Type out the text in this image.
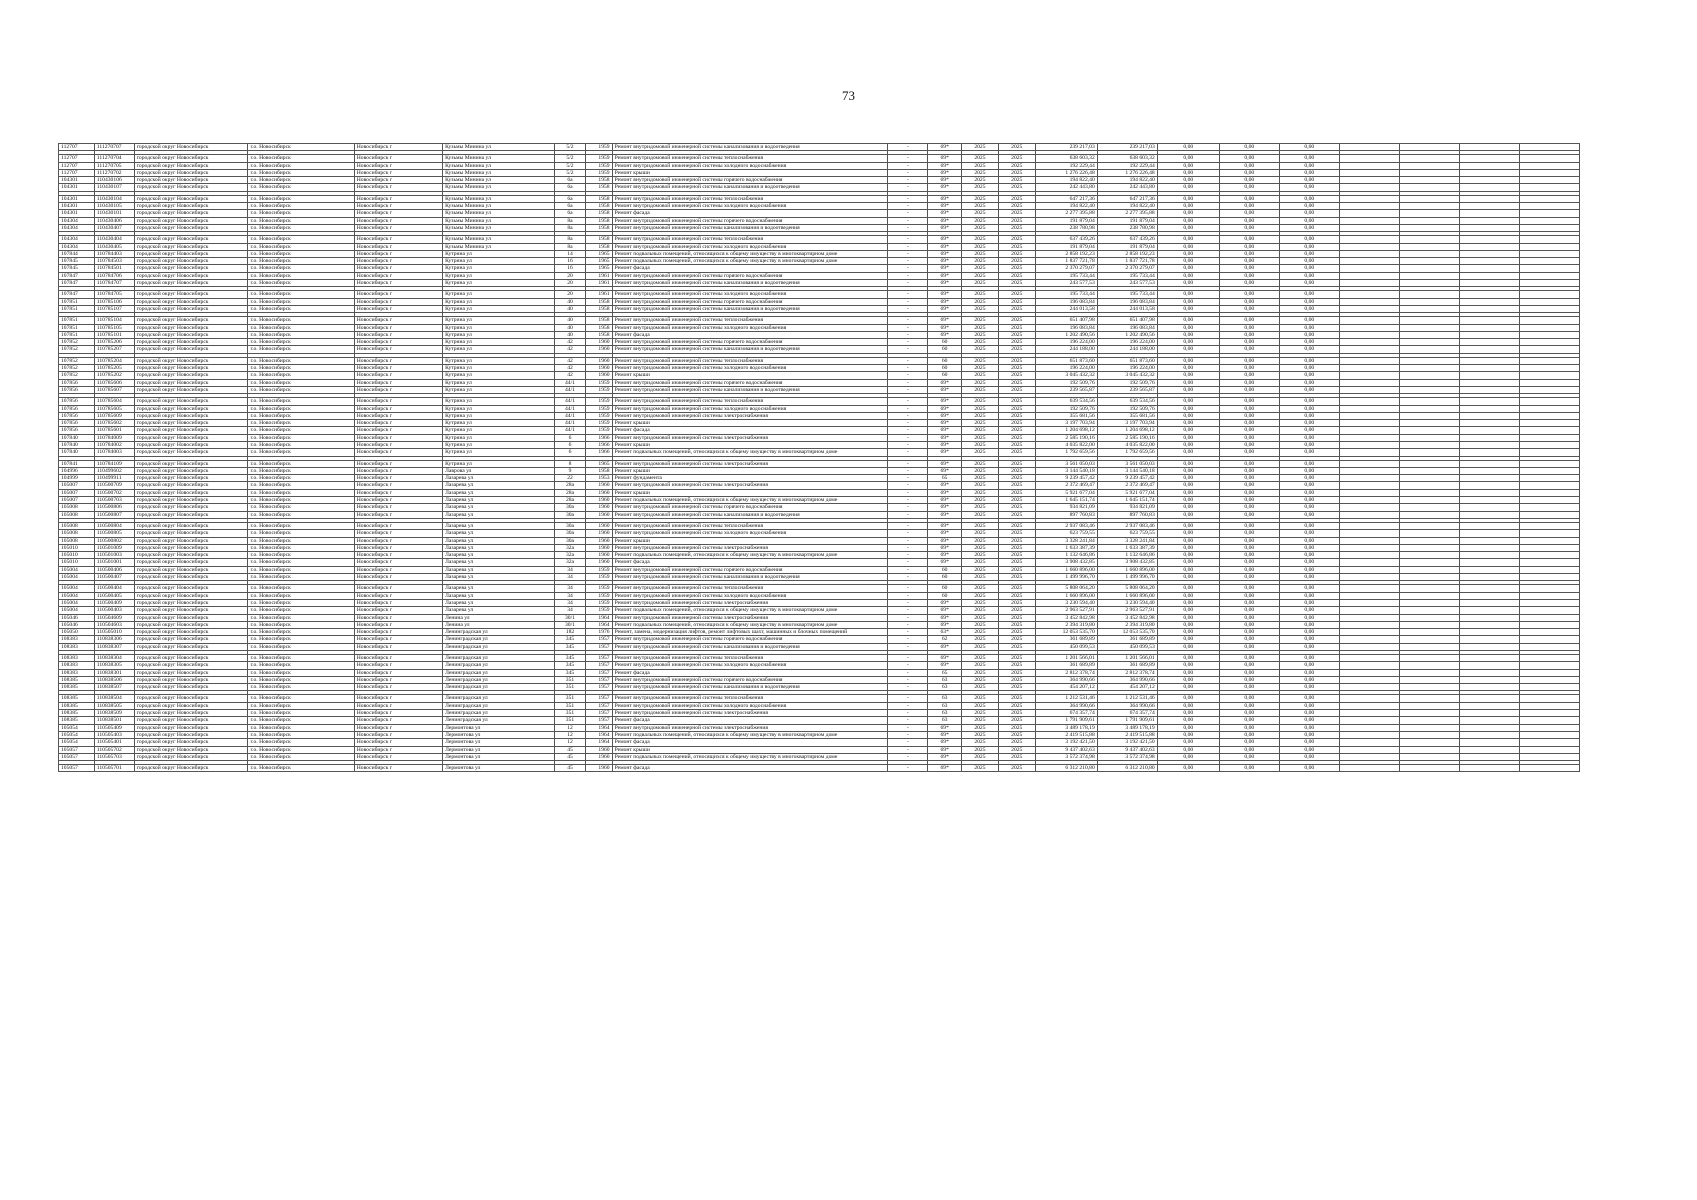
73
112707	111270707	городской округ Новосибирск	г.о. Новосибирск	Новосибирск г	Кузьмы Минина ул	5/2	1959	Ремонт внутридомовой инженерной системы канализования и водоотведения	-	69*	2025	2025	239 217,03	239 217,03	0,00	0,00	0,00				

112707	111270704	городской округ Новосибирск	г.о. Новосибирск	Новосибирск г	Кузьмы Минина ул	5/2	1959	Ремонт внутридомовой инженерной системы теплоснабжения	-	69*	2025	2025	638 603,32	638 603,32	0,00	0,00	0,00				
112707	111270705	городской округ Новосибирск	г.о. Новосибирск	Новосибирск г	Кузьмы Минина ул	5/2	1959	Ремонт внутридомовой инженерной системы холодного водоснабжения	-	69*	2025	2025	192 229,44	192 229,44	0,00	0,00	0,00				
112707	111270702	городской округ Новосибирск	г.о. Новосибирск	Новосибирск г	Кузьмы Минина ул	5/2	1959	Ремонт крыши	-	69*	2025	2025	1 276 226,48	1 276 226,48	0,00	0,00	0,00				
104301	110430106	городской округ Новосибирск	г.о. Новосибирск	Новосибирск г	Кузьмы Минина ул	6а	1958	Ремонт внутридомовой инженерной системы горячего водоснабжения	-	69*	2025	2025	194 822,40	194 822,40	0,00	0,00	0,00				
104301	110430107	городской округ Новосибирск	г.о. Новосибирск	Новосибирск г	Кузьмы Минина ул	6а	1958	Ремонт внутридомовой инженерной системы канализования и водоотведения	-	69*	2025	2025	242 443,80	242 443,80	0,00	0,00	0,00				

104301	110430104	городской округ Новосибирск	г.о. Новосибирск	Новосибирск г	Кузьмы Минина ул	6а	1958	Ремонт внутридомовой инженерной системы теплоснабжения	-	69*	2025	2025	647 217,36	647 217,36	0,00	0,00	0,00				
104301	110430105	городской округ Новосибирск	г.о. Новосибирск	Новосибирск г	Кузьмы Минина ул	6а	1958	Ремонт внутридомовой инженерной системы холодного водоснабжения	-	69*	2025	2025	194 822,40	194 822,40	0,00	0,00	0,00				
104301	110430101	городской округ Новосибирск	г.о. Новосибирск	Новосибирск г	Кузьмы Минина ул	6а	1958	Ремонт фасада	-	69*	2025	2025	2 277 395,88	2 277 395,88	0,00	0,00	0,00				
104304	110430406	городской округ Новосибирск	г.о. Новосибирск	Новосибирск г	Кузьмы Минина ул	8а	1958	Ремонт внутридомовой инженерной системы горячего водоснабжения	-	69*	2025	2025	191 879,04	191 879,04	0,00	0,00	0,00				
104304	110430407	городской округ Новосибирск	г.о. Новосибирск	Новосибирск г	Кузьмы Минина ул	8а	1958	Ремонт внутридомовой инженерной системы канализования и водоотведения	-	69*	2025	2025	238 780,98	238 780,98	0,00	0,00	0,00				

104304	110430404	городской округ Новосибирск	г.о. Новосибирск	Новосибирск г	Кузьмы Минина ул	8а	1958	Ремонт внутридомовой инженерной системы теплоснабжения	-	69*	2025	2025	637 439,26	637 439,26	0,00	0,00	0,00				
104304	110430405	городской округ Новосибирск	г.о. Новосибирск	Новосибирск г	Кузьмы Минина ул	8а	1958	Ремонт внутридомовой инженерной системы холодного водоснабжения	-	69*	2025	2025	191 879,04	191 879,04	0,00	0,00	0,00				
107844	110784403	городской округ Новосибирск	г.о. Новосибирск	Новосибирск г	Кутрина ул	14	1965	Ремонт подвальных помещений, относящихся к общему имуществу в многоквартирном доме	-	69*	2025	2025	2 858 192,23	2 858 192,23	0,00	0,00	0,00				
107845	110784503	городской округ Новосибирск	г.о. Новосибирск	Новосибирск г	Кутрина ул	16	1965	Ремонт подвальных помещений, относящихся к общему имуществу в многоквартирном доме	-	69*	2025	2025	1 837 721,78	1 837 721,78	0,00	0,00	0,00				
107845	110784501	городской округ Новосибирск	г.о. Новосибирск	Новосибирск г	Кутрина ул	16	1965	Ремонт фасада	-	69*	2025	2025	2 370 279,07	2 370 279,07	0,00	0,00	0,00				
107847	110784706	городской округ Новосибирск	г.о. Новосибирск	Новосибирск г	Кутрина ул	20	1961	Ремонт внутридомовой инженерной системы горячего водоснабжения	-	69*	2025	2025	195 733,44	195 733,44	0,00	0,00	0,00				
107847	110784707	городской округ Новосибирск	г.о. Новосибирск	Новосибирск г	Кутрина ул	20	1961	Ремонт внутридомовой инженерной системы канализования и водоотведения	-	69*	2025	2025	243 577,53	243 577,53	0,00	0,00	0,00				

107847	110784705	городской округ Новосибирск	г.о. Новосибирск	Новосибирск г	Кутрина ул	20	1961	Ремонт внутридомовой инженерной системы холодного водоснабжения	-	69*	2025	2025	195 733,44	195 733,44	0,00	0,00	0,00				
107851	110785106	городской округ Новосибирск	г.о. Новосибирск	Новосибирск г	Кутрина ул	40	1958	Ремонт внутридомовой инженерной системы горячего водоснабжения	-	69*	2025	2025	196 083,84	196 083,84	0,00	0,00	0,00				
107851	110785107	городской округ Новосибирск	г.о. Новосибирск	Новосибирск г	Кутрина ул	40	1958	Ремонт внутридомовой инженерной системы канализования и водоотведения	-	69*	2025	2025	244 013,58	244 013,58	0,00	0,00	0,00				

107851	110785104	городской округ Новосибирск	г.о. Новосибирск	Новосибирск г	Кутрина ул	40	1958	Ремонт внутридомовой инженерной системы теплоснабжения	-	69*	2025	2025	651 407,98	651 407,98	0,00	0,00	0,00				
107851	110785105	городской округ Новосибирск	г.о. Новосибирск	Новосибирск г	Кутрина ул	40	1958	Ремонт внутридомовой инженерной системы холодного водоснабжения	-	69*	2025	2025	196 083,84	196 083,84	0,00	0,00	0,00				
107851	110785101	городской округ Новосибирск	г.о. Новосибирск	Новосибирск г	Кутрина ул	40	1958	Ремонт фасада	-	69*	2025	2025	1 202 490,56	1 202 490,56	0,00	0,00	0,00				
107852	110785206	городской округ Новосибирск	г.о. Новосибирск	Новосибирск г	Кутрина ул	42	1960	Ремонт внутридомовой инженерной системы горячего водоснабжения	-	60	2025	2025	196 224,00	196 224,00	0,00	0,00	0,00				
107852	110785207	городской округ Новосибирск	г.о. Новосибирск	Новосибирск г	Кутрина ул	42	1960	Ремонт внутридомовой инженерной системы канализования и водоотведения	-	60	2025	2025	244 188,00	244 188,00	0,00	0,00	0,00				

107852	110785204	городской округ Новосибирск	г.о. Новосибирск	Новосибирск г	Кутрина ул	42	1960	Ремонт внутридомовой инженерной системы теплоснабжения	-	60	2025	2025	651 873,60	651 873,60	0,00	0,00	0,00				
107852	110785205	городской округ Новосибирск	г.о. Новосибирск	Новосибирск г	Кутрина ул	42	1960	Ремонт внутридомовой инженерной системы холодного водоснабжения	-	60	2025	2025	196 224,00	196 224,00	0,00	0,00	0,00				
107852	110785202	городской округ Новосибирск	г.о. Новосибирск	Новосибирск г	Кутрина ул	42	1960	Ремонт крыши	-	60	2025	2025	3 045 432,32	3 045 432,32	0,00	0,00	0,00				
107856	110785606	городской округ Новосибирск	г.о. Новосибирск	Новосибирск г	Кутрина ул	44/1	1959	Ремонт внутридомовой инженерной системы горячего водоснабжения	-	69*	2025	2025	192 509,76	192 509,76	0,00	0,00	0,00				
107856	110785607	городской округ Новосибирск	г.о. Новосибирск	Новосибирск г	Кутрина ул	44/1	1959	Ремонт внутридомовой инженерной системы канализования и водоотведения	-	69*	2025	2025	239 565,87	239 565,87	0,00	0,00	0,00				

107856	110785604	городской округ Новосибирск	г.о. Новосибирск	Новосибирск г	Кутрина ул	44/1	1959	Ремонт внутридомовой инженерной системы теплоснабжения	-	69*	2025	2025	639 534,56	639 534,56	0,00	0,00	0,00				
107856	110785605	городской округ Новосибирск	г.о. Новосибирск	Новосибирск г	Кутрина ул	44/1	1959	Ремонт внутридомовой инженерной системы холодного водоснабжения	-	69*	2025	2025	192 509,76	192 509,76	0,00	0,00	0,00				
107856	110785609	городской округ Новосибирск	г.о. Новосибирск	Новосибирск г	Кутрина ул	44/1	1959	Ремонт внутридомовой инженерной системы электроснабжения	-	69*	2025	2025	355 681,56	355 681,56	0,00	0,00	0,00				
107856	110785602	городской округ Новосибирск	г.о. Новосибирск	Новосибирск г	Кутрина ул	44/1	1959	Ремонт крыши	-	69*	2025	2025	3 197 703,94	3 197 703,94	0,00	0,00	0,00				
107856	110785601	городской округ Новосибирск	г.о. Новосибирск	Новосибирск г	Кутрина ул	44/1	1959	Ремонт фасада	-	69*	2025	2025	1 204 698,12	1 204 698,12	0,00	0,00	0,00				
107840	110784009	городской округ Новосибирск	г.о. Новосибирск	Новосибирск г	Кутрина ул	6	1966	Ремонт внутридомовой инженерной системы электроснабжения	-	69*	2025	2025	2 585 190,16	2 585 190,16	0,00	0,00	0,00				
107840	110784002	городской округ Новосибирск	г.о. Новосибирск	Новосибирск г	Кутрина ул	6	1966	Ремонт крыши	-	69*	2025	2025	4 035 822,00	4 035 822,00	0,00	0,00	0,00				
107840	110784003	городской округ Новосибирск	г.о. Новосибирск	Новосибирск г	Кутрина ул	6	1966	Ремонт подвальных помещений, относящихся к общему имуществу в многоквартирном доме	-	69*	2025	2025	1 792 659,56	1 792 659,56	0,00	0,00	0,00				

107841	110784109	городской округ Новосибирск	г.о. Новосибирск	Новосибирск г	Кутрина ул	8	1965	Ремонт внутридомовой инженерной системы электроснабжения	-	69*	2025	2025	3 561 050,03	3 561 050,03	0,00	0,00	0,00				
104996	110499602	городской округ Новосибирск	г.о. Новосибирск	Новосибирск г	Лаврова ул	9	1958	Ремонт крыши	-	69*	2025	2025	3 144 540,18	3 144 540,18	0,00	0,00	0,00				
104999	110499911	городской округ Новосибирск	г.о. Новосибирск	Новосибирск г	Лазарева ул	22	1953	Ремонт фундамента	-	65	2025	2025	9 239 457,42	9 239 457,42	0,00	0,00	0,00				
105007	110500709	городской округ Новосибирск	г.о. Новосибирск	Новосибирск г	Лазарева ул	28а	1960	Ремонт внутридомовой инженерной системы электроснабжения	-	69*	2025	2025	2 372 469,47	2 372 469,47	0,00	0,00	0,00				
105007	110500702	городской округ Новосибирск	г.о. Новосибирск	Новосибирск г	Лазарева ул	28а	1960	Ремонт крыши	-	69*	2025	2025	5 921 677,04	5 921 677,04	0,00	0,00	0,00				
105007	110500703	городской округ Новосибирск	г.о. Новосибирск	Новосибирск г	Лазарева ул	28а	1960	Ремонт подвальных помещений, относящихся к общему имуществу в многоквартирном доме	-	69*	2025	2025	1 645 151,74	1 645 151,74	0,00	0,00	0,00				
105008	110500806	городской округ Новосибирск	г.о. Новосибирск	Новосибирск г	Лазарева ул	30а	1960	Ремонт внутридомовой инженерной системы горячего водоснабжения	-	69*	2025	2025	934 821,09	934 821,09	0,00	0,00	0,00				
105008	110500807	городской округ Новосибирск	г.о. Новосибирск	Новосибирск г	Лазарева ул	30а	1960	Ремонт внутридомовой инженерной системы канализования и водоотведения	-	69*	2025	2025	897 760,83	897 760,83	0,00	0,00	0,00				

105008	110500804	городской округ Новосибирск	г.о. Новосибирск	Новосибирск г	Лазарева ул	30а	1960	Ремонт внутридомовой инженерной системы теплоснабжения	-	69*	2025	2025	2 937 083,46	2 937 083,46	0,00	0,00	0,00				
105008	110500805	городской округ Новосибирск	г.о. Новосибирск	Новосибирск г	Лазарева ул	30а	1960	Ремонт внутридомовой инженерной системы холодного водоснабжения	-	69*	2025	2025	623 759,55	623 759,55	0,00	0,00	0,00				
105008	110500802	городской округ Новосибирск	г.о. Новосибирск	Новосибирск г	Лазарева ул	30а	1960	Ремонт крыши	-	69*	2025	2025	3 328 241,84	3 328 241,84	0,00	0,00	0,00				
105010	110501009	городской округ Новосибирск	г.о. Новосибирск	Новосибирск г	Лазарева ул	32а	1960	Ремонт внутридомовой инженерной системы электроснабжения	-	69*	2025	2025	1 633 387,39	1 633 387,39	0,00	0,00	0,00				
105010	110501003	городской округ Новосибирск	г.о. Новосибирск	Новосибирск г	Лазарева ул	32а	1960	Ремонт подвальных помещений, относящихся к общему имуществу в многоквартирном доме	-	69*	2025	2025	1 132 646,86	1 132 646,86	0,00	0,00	0,00				
105010	110501001	городской округ Новосибирск	г.о. Новосибирск	Новосибирск г	Лазарева ул	32а	1960	Ремонт фасада	-	69*	2025	2025	3 908 432,85	3 908 432,85	0,00	0,00	0,00				
105004	110500406	городской округ Новосибирск	г.о. Новосибирск	Новосибирск г	Лазарева ул	34	1959	Ремонт внутридомовой инженерной системы горячего водоснабжения	-	60	2025	2025	1 660 896,00	1 660 896,00	0,00	0,00	0,00				
105004	110500407	городской округ Новосибирск	г.о. Новосибирск	Новосибирск г	Лазарева ул	34	1959	Ремонт внутридомовой инженерной системы канализования и водоотведения	-	60	2025	2025	1 499 996,70	1 499 996,70	0,00	0,00	0,00				

105004	110500404	городской округ Новосибирск	г.о. Новосибирск	Новосибирск г	Лазарева ул	34	1959	Ремонт внутридомовой инженерной системы теплоснабжения	-	60	2025	2025	5 808 064,20	5 808 064,20	0,00	0,00	0,00				
105004	110500405	городской округ Новосибирск	г.о. Новосибирск	Новосибирск г	Лазарева ул	34	1959	Ремонт внутридомовой инженерной системы холодного водоснабжения	-	60	2025	2025	1 660 896,00	1 660 896,00	0,00	0,00	0,00				
105004	110500409	городской округ Новосибирск	г.о. Новосибирск	Новосибирск г	Лазарева ул	34	1959	Ремонт внутридомовой инженерной системы электроснабжения	-	69*	2025	2025	3 230 594,40	3 230 594,40	0,00	0,00	0,00				
105004	110500403	городской округ Новосибирск	г.о. Новосибирск	Новосибирск г	Лазарева ул	34	1959	Ремонт подвальных помещений, относящихся к общему имуществу в многоквартирном доме	-	69*	2025	2025	2 963 527,91	2 963 527,91	0,00	0,00	0,00				
105046	110504609	городской округ Новосибирск	г.о. Новосибирск	Новосибирск г	Ленина ул	30/1	1964	Ремонт внутридомовой инженерной системы электроснабжения	-	69*	2025	2025	3 452 842,98	3 452 842,98	0,00	0,00	0,00				
105046	110504603	городской округ Новосибирск	г.о. Новосибирск	Новосибирск г	Ленина ул	30/1	1964	Ремонт подвальных помещений, относящихся к общему имуществу в многоквартирном доме	-	69*	2025	2025	2 394 319,80	2 394 319,80	0,00	0,00	0,00				
105050	110505010	городской округ Новосибирск	г.о. Новосибирск	Новосибирск г	Ленинградская ул	182	1976	Ремонт, замена, модернизация лифтов, ремонт лифтовых шахт, машинных и блочных помещений	-	63*	2025	2025	12 053 535,70	12 053 535,70	0,00	0,00	0,00				
108383	110838306	городской округ Новосибирск	г.о. Новосибирск	Новосибирск г	Ленинградская ул	345	1957	Ремонт внутридомовой инженерной системы горячего водоснабжения	-	62	2025	2025	361 689,89	361 689,89	0,00	0,00	0,00				
108383	110838307	городской округ Новосибирск	г.о. Новосибирск	Новосибирск г	Ленинградская ул	345	1957	Ремонт внутридомовой инженерной системы канализования и водоотведения	-	69*	2025	2025	450 099,53	450 099,53	0,00	0,00	0,00				

108383	110838304	городской округ Новосибирск	г.о. Новосибирск	Новосибирск г	Ленинградская ул	345	1957	Ремонт внутридомовой инженерной системы теплоснабжения	-	69*	2025	2025	1 201 566,01	1 201 566,01	0,00	0,00	0,00				
108383	110838305	городской округ Новосибирск	г.о. Новосибирск	Новосибирск г	Ленинградская ул	345	1957	Ремонт внутридомовой инженерной системы холодного водоснабжения	-	69*	2025	2025	361 689,89	361 689,89	0,00	0,00	0,00				
108383	110838301	городской округ Новосибирск	г.о. Новосибирск	Новосибирск г	Ленинградская ул	345	1957	Ремонт фасада	-	65	2025	2025	2 812 378,74	2 812 378,74	0,00	0,00	0,00				
108385	110838506	городской округ Новосибирск	г.о. Новосибирск	Новосибирск г	Ленинградская ул	351	1957	Ремонт внутридомовой инженерной системы горячего водоснабжения	-	63	2025	2025	364 990,66	364 990,66	0,00	0,00	0,00				
108385	110838507	городской округ Новосибирск	г.о. Новосибирск	Новосибирск г	Ленинградская ул	351	1957	Ремонт внутридомовой инженерной системы канализования и водоотведения	-	63	2025	2025	454 207,12	454 207,12	0,00	0,00	0,00				

108385	110838504	городской округ Новосибирск	г.о. Новосибирск	Новосибирск г	Ленинградская ул	351	1957	Ремонт внутридомовой инженерной системы теплоснабжения	-	63	2025	2025	1 212 531,46	1 212 531,46	0,00	0,00	0,00				
108385	110838505	городской округ Новосибирск	г.о. Новосибирск	Новосибирск г	Ленинградская ул	351	1957	Ремонт внутридомовой инженерной системы холодного водоснабжения	-	63	2025	2025	364 990,66	364 990,66	0,00	0,00	0,00				
108385	110838509	городской округ Новосибирск	г.о. Новосибирск	Новосибирск г	Ленинградская ул	351	1957	Ремонт внутридомовой инженерной системы электроснабжения	-	63	2025	2025	674 357,74	674 357,74	0,00	0,00	0,00				
108385	110838501	городской округ Новосибирск	г.о. Новосибирск	Новосибирск г	Ленинградская ул	351	1957	Ремонт фасада	-	63	2025	2025	1 791 909,61	1 791 909,61	0,00	0,00	0,00				
105054	110505409	городской округ Новосибирск	г.о. Новосибирск	Новосибирск г	Лермонтова ул	12	1964	Ремонт внутридомовой инженерной системы электроснабжения	-	69*	2025	2025	3 489 178,19	3 489 178,19	0,00	0,00	0,00				
105054	110505403	городской округ Новосибирск	г.о. Новосибирск	Новосибирск г	Лермонтова ул	12	1964	Ремонт подвальных помещений, относящихся к общему имуществу в многоквартирном доме	-	69*	2025	2025	2 419 515,88	2 419 515,88	0,00	0,00	0,00				
105054	110505401	городской округ Новосибирск	г.о. Новосибирск	Новосибирск г	Лермонтова ул	12	1964	Ремонт фасада	-	69*	2025	2025	3 192 421,50	3 192 421,50	0,00	0,00	0,00				
105057	110505702	городской округ Новосибирск	г.о. Новосибирск	Новосибирск г	Лермонтова ул	45	1960	Ремонт крыши	-	69*	2025	2025	9 437 402,63	9 437 402,63	0,00	0,00	0,00				
105057	110505703	городской округ Новосибирск	г.о. Новосибирск	Новосибирск г	Лермонтова ул	45	1960	Ремонт подвальных помещений, относящихся к общему имуществу в многоквартирном доме	-	69*	2025	2025	3 572 374,98	3 572 374,98	0,00	0,00	0,00				

105057	110505701	городской округ Новосибирск	г.о. Новосибирск	Новосибирск г	Лермонтова ул	45	1960	Ремонт фасада	-	69*	2025	2025	6 312 210,80	6 312 210,80	0,00	0,00	0,00				
